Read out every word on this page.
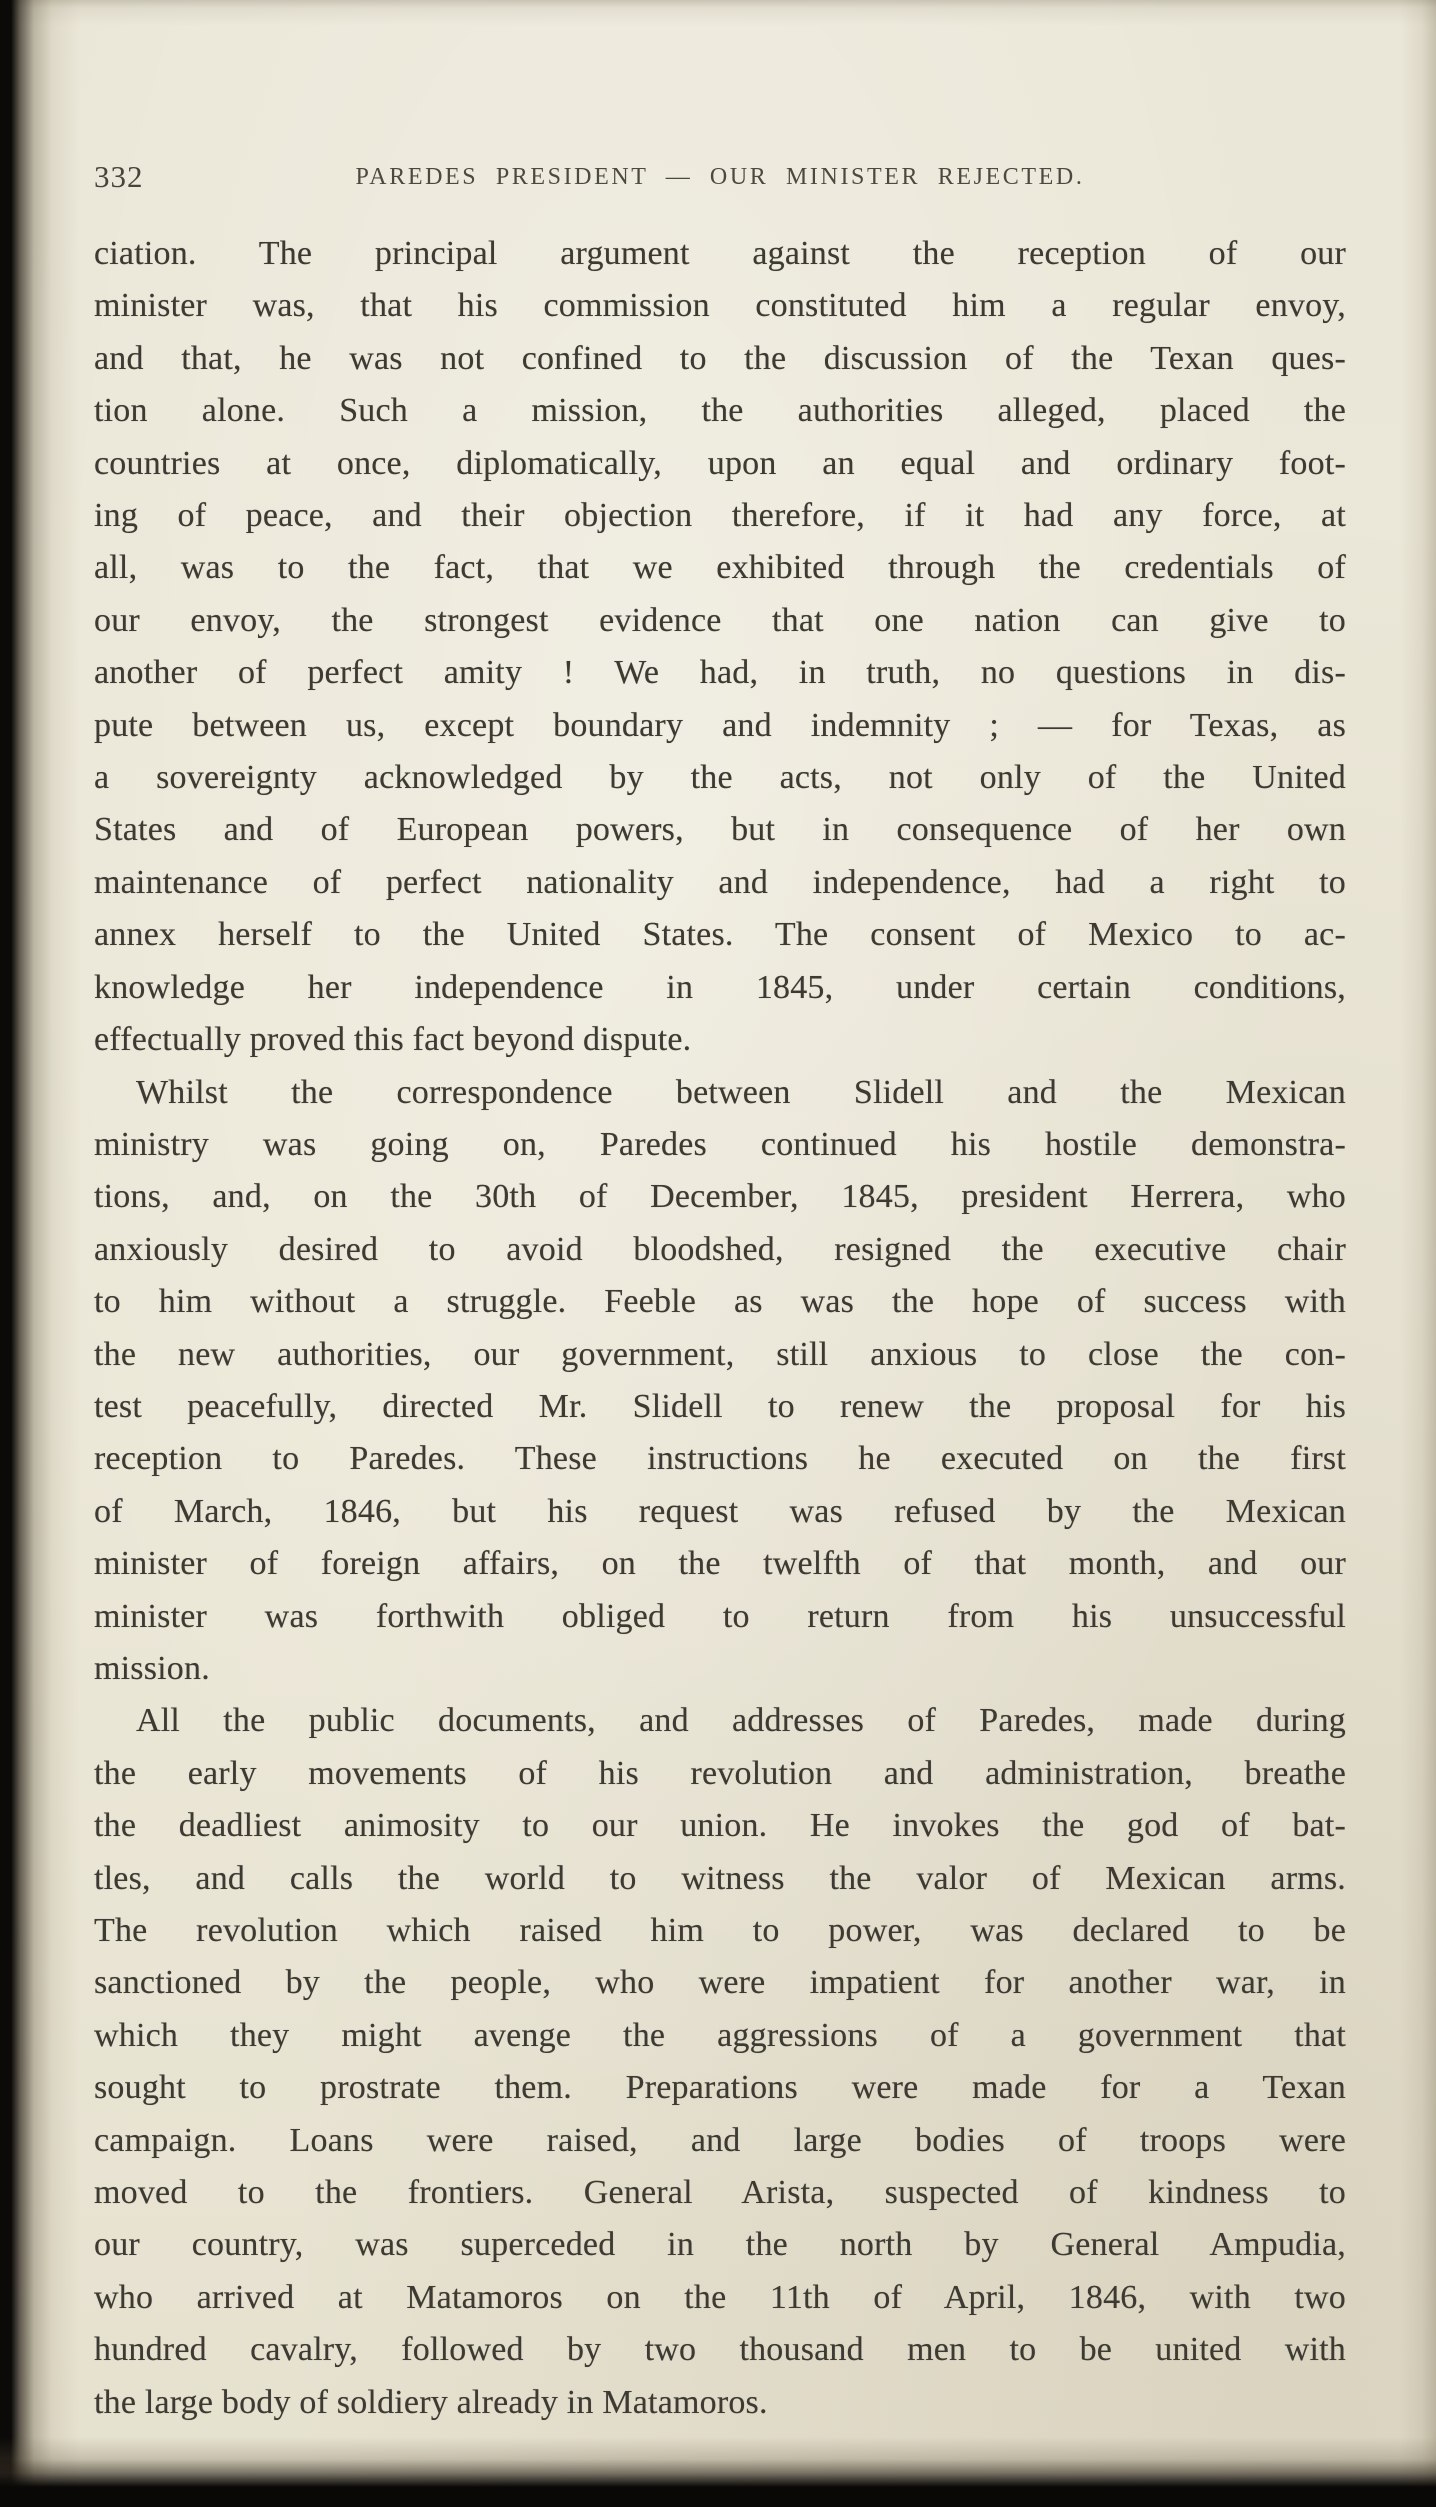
332	PAREDES PRESIDENT — OUR MINISTER REJECTED.
ciation. The principal argument against the reception of our
minister was, that his commission constituted him a regular envoy,
and that, he was not confined to the discussion of the Texan ques-
tion alone. Such a mission, the authorities alleged, placed the
countries at once, diplomatically, upon an equal and ordinary foot-
ing of peace, and their objection therefore, if it had any force, at
all, was to the fact, that we exhibited through the credentials of
our envoy, the strongest evidence that one nation can give to
another of perfect amity ! We had, in truth, no questions in dis-
pute between us, except boundary and indemnity ; — for Texas, as
a sovereignty acknowledged by the acts, not only of the United
States and of European powers, but in consequence of her own
maintenance of perfect nationality and independence, had a right to
annex herself to the United States. The consent of Mexico to ac-
knowledge her independence in 1845, under certain conditions,
effectually proved this fact beyond dispute.
Whilst the correspondence between Slidell and the Mexican
ministry was going on, Paredes continued his hostile demonstra-
tions, and, on the 30th of December, 1845, president Herrera, who
anxiously desired to avoid bloodshed, resigned the executive chair
to him without a struggle. Feeble as was the hope of success with
the new authorities, our government, still anxious to close the con-
test peacefully, directed Mr. Slidell to renew the proposal for his
reception to Paredes. These instructions he executed on the first
of March, 1846, but his request was refused by the Mexican
minister of foreign affairs, on the twelfth of that month, and our
minister was forthwith obliged to return from his unsuccessful
mission.
All the public documents, and addresses of Paredes, made during
the early movements of his revolution and administration, breathe
the deadliest animosity to our union. He invokes the god of bat-
tles, and calls the world to witness the valor of Mexican arms.
The revolution which raised him to power, was declared to be
sanctioned by the people, who were impatient for another war, in
which they might avenge the aggressions of a government that
sought to prostrate them. Preparations were made for a Texan
campaign. Loans were raised, and large bodies of troops were
moved to the frontiers. General Arista, suspected of kindness to
our country, was superceded in the north by General Ampudia,
who arrived at Matamoros on the 11th of April, 1846, with two
hundred cavalry, followed by two thousand men to be united with
the large body of soldiery already in Matamoros.
